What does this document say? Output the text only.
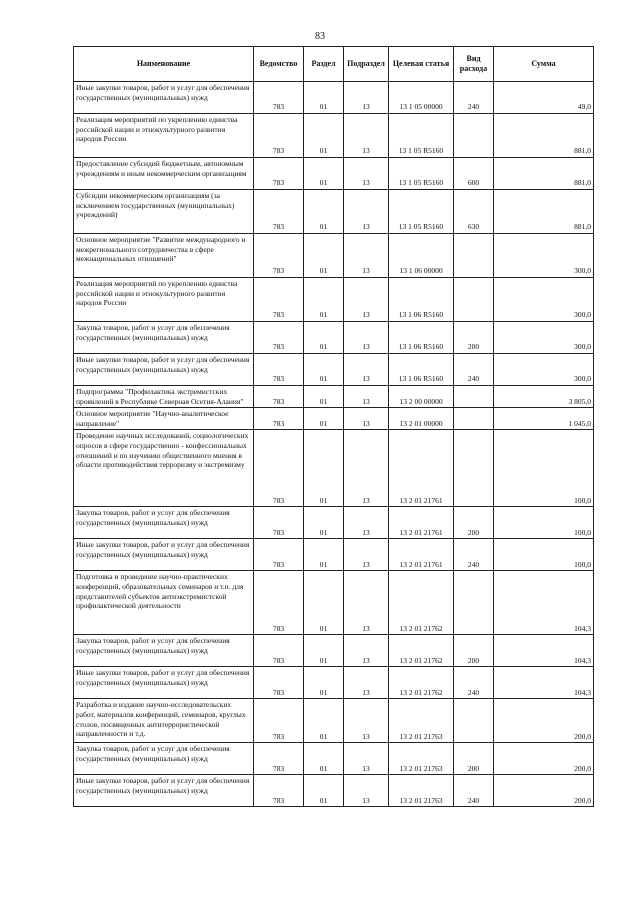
83
Наименование	Ведомство	Раздел	Подраздел	Целевая статья	Вид расхода	Сумма
Иные закупки товаров, работ и услуг для обеспечения государственных (муниципальных) нужд	783	01	13	13 1 05 00000	240	49,0
Реализация мероприятий по укреплению единства российской нации и этнокультурного развития народов России	783	01	13	13 1 05 R5160		881,0
Предоставление субсидий бюджетным, автономным учреждениям и иным некоммерческим организациям	783	01	13	13 1 05 R5160	600	881,0
Субсидии некоммерческим организациям (за исключением государственных (муниципальных) учреждений)	783	01	13	13 1 05 R5160	630	881,0
Основное мероприятие "Развитие международного и межрегионального сотрудничества в сфере межнациональных отношений"	783	01	13	13 1 06 00000		300,0
Реализация мероприятий по укреплению единства российской нации и этнокультурного развития народов России	783	01	13	13 1 06 R5160		300,0
Закупка товаров, работ и услуг для обеспечения государственных (муниципальных) нужд	783	01	13	13 1 06 R5160	200	300,0
Иные закупки товаров, работ и услуг для обеспечения государственных (муниципальных) нужд	783	01	13	13 1 06 R5160	240	300,0
Подпрограмма "Профилактика экстремистских проявлений в Республике Северная Осетия-Алания"	783	01	13	13 2 00 00000		3 805,0
Основное мероприятие "Научно-аналитическое направление"	783	01	13	13 2 01 00000		1 045,0
Проведение научных исследований, социологических опросов в сфере государственно - конфессиональных отношений и по изучению общественного мнения в области противодействия терроризму и экстремизму	783	01	13	13 2 01 21761		100,0
Закупка товаров, работ и услуг для обеспечения государственных (муниципальных) нужд	783	01	13	13 2 01 21761	200	100,0
Иные закупки товаров, работ и услуг для обеспечения государственных (муниципальных) нужд	783	01	13	13 2 01 21761	240	100,0
Подготовка и проведение научно-практических конференций, образовательных семинаров и т.п. для представителей субъектов антиэкстремистской профилактической деятельности	783	01	13	13 2 01 21762		104,3
Закупка товаров, работ и услуг для обеспечения государственных (муниципальных) нужд	783	01	13	13 2 01 21762	200	104,3
Иные закупки товаров, работ и услуг для обеспечения государственных (муниципальных) нужд	783	01	13	13 2 01 21762	240	104,3
Разработка и издание научно-исследовательских работ, материалов конференций, семинаров, круглых столов, посвященных антитеррористической направленности и т.д.	783	01	13	13 2 01 21763		200,0
Закупка товаров, работ и услуг для обеспечения государственных (муниципальных) нужд	783	01	13	13 2 01 21763	200	200,0
Иные закупки товаров, работ и услуг для обеспечения государственных (муниципальных) нужд	783	01	13	13 2 01 21763	240	200,0
